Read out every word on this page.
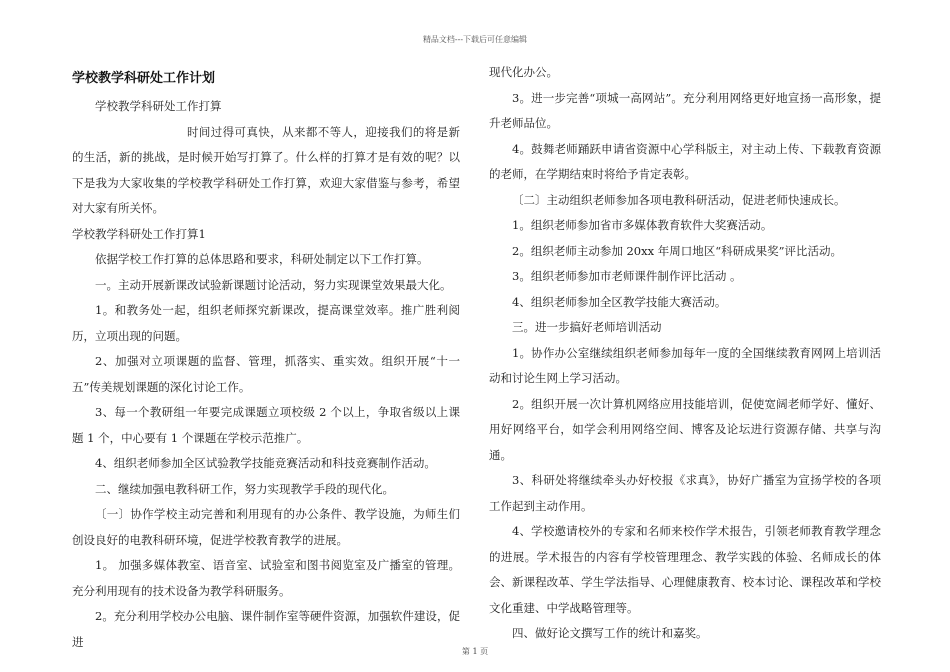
精品文档---下载后可任意编辑
学校教学科研处工作计划

学校教学科研处工作打算

时间过得可真快，从来都不等人，迎接我们的将是新的生活，新的挑战，是时候开始写打算了。什么样的打算才是有效的呢？以下是我为大家收集的学校教学科研处工作打算，欢迎大家借鉴与参考，希望对大家有所关怀。

学校教学科研处工作打算1

依据学校工作打算的总体思路和要求，科研处制定以下工作打算。

一。主动开展新课改试验新课题讨论活动，努力实现课堂效果最大化。

1。和教务处一起，组织老师探究新课改，提高课堂效率。推广胜利阅历，立项出现的问题。

2、加强对立项课题的监督、管理，抓落实、重实效。组织开展“十一五”传美规划课题的深化讨论工作。

3、每一个教研组一年要完成课题立项校级 2 个以上，争取省级以上课题 1 个，中心要有 1 个课题在学校示范推广。

4、组织老师参加全区试验教学技能竞赛活动和科技竞赛制作活动。

二、继续加强电教科研工作，努力实现教学手段的现代化。

〔一〕协作学校主动完善和利用现有的办公条件、教学设施，为师生们创设良好的电教科研环境，促进学校教育教学的进展。

1。 加强多媒体教室、语音室、试验室和图书阅览室及广播室的管理。充分利用现有的技术设备为教学科研服务。

2。充分利用学校办公电脑、课件制作室等硬件资源，加强软件建设，促进

现代化办公。

3。进一步完善“项城一高网站”。充分利用网络更好地宣扬一高形象，提升老师品位。

4。鼓舞老师踊跃申请省资源中心学科版主，对主动上传、下载教育资源的老师，在学期结束时将给予肯定表彰。

〔二〕主动组织老师参加各项电教科研活动，促进老师快速成长。

1。组织老师参加省市多媒体教育软件大奖赛活动。

2。组织老师主动参加 20xx 年周口地区“科研成果奖”评比活动。

3。组织老师参加市老师课件制作评比活动 。

4、组织老师参加全区教学技能大赛活动。

三。进一步搞好老师培训活动

1。协作办公室继续组织老师参加每年一度的全国继续教育网网上培训活动和讨论生网上学习活动。

2。组织开展一次计算机网络应用技能培训，促使宽阔老师学好、懂好、用好网络平台，如学会利用网络空间、博客及论坛进行资源存储、共享与沟通。

3、科研处将继续牵头办好校报《求真》，协好广播室为宣扬学校的各项工作起到主动作用。

4、学校邀请校外的专家和名师来校作学术报告，引领老师教育教学理念的进展。学术报告的内容有学校管理理念、教学实践的体验、名师成长的体会、新课程改革、学生学法指导、心理健康教育、校本讨论、课程改革和学校文化重建、中学战略管理等。

四、做好论文撰写工作的统计和嘉奖。

第 1 页
